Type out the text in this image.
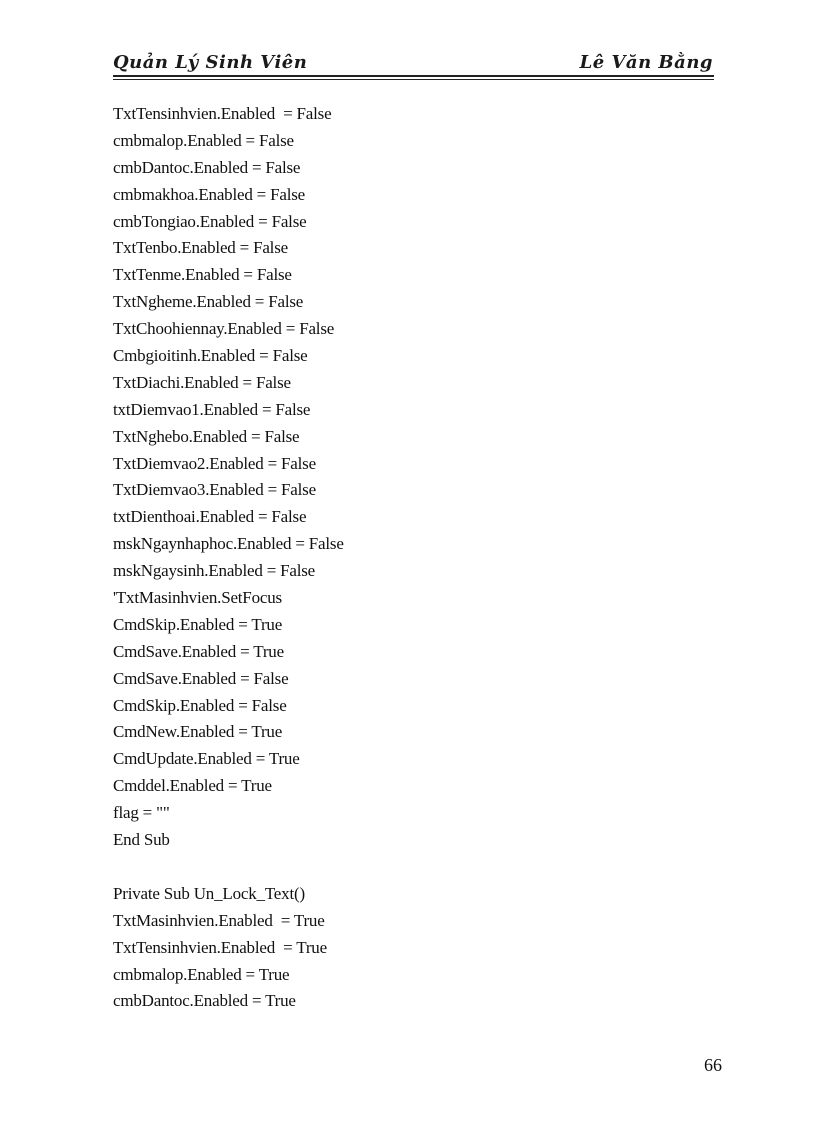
Quản Lý Sinh Viên	Lê Văn Bằng
TxtTensinhvien.Enabled  = False
cmbmalop.Enabled = False
cmbDantoc.Enabled = False
cmbmakhoa.Enabled = False
cmbTongiao.Enabled = False
TxtTenbo.Enabled = False
TxtTenme.Enabled = False
TxtNgheme.Enabled = False
TxtChoohiennay.Enabled = False
Cmbgioitinh.Enabled = False
TxtDiachi.Enabled = False
txtDiemvao1.Enabled = False
TxtNghebo.Enabled = False
TxtDiemvao2.Enabled = False
TxtDiemvao3.Enabled = False
txtDienthoai.Enabled = False
mskNgaynhaphoc.Enabled = False
mskNgaysinh.Enabled = False
'TxtMasinhvien.SetFocus
CmdSkip.Enabled = True
CmdSave.Enabled = True
CmdSave.Enabled = False
CmdSkip.Enabled = False
CmdNew.Enabled = True
CmdUpdate.Enabled = True
Cmddel.Enabled = True
flag = ""
End Sub
Private Sub Un_Lock_Text()
TxtMasinhvien.Enabled  = True
TxtTensinhvien.Enabled  = True
cmbmalop.Enabled = True
cmbDantoc.Enabled = True
66
